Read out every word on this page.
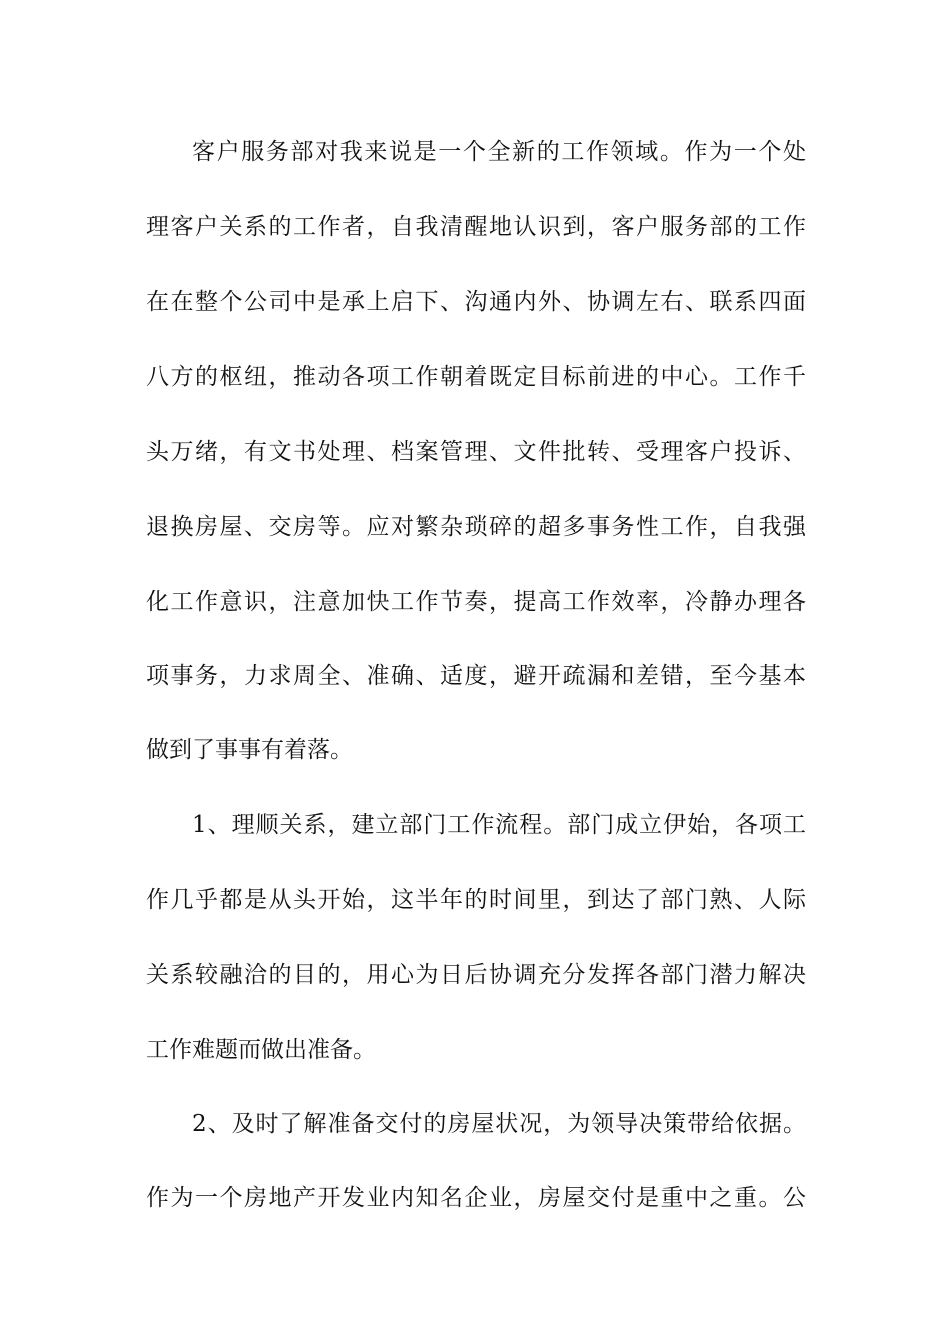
客户服务部对我来说是一个全新的工作领域。作为一个处
理客户关系的工作者，自我清醒地认识到，客户服务部的工作
在在整个公司中是承上启下、沟通内外、协调左右、联系四面
八方的枢纽，推动各项工作朝着既定目标前进的中心。工作千
头万绪，有文书处理、档案管理、文件批转、受理客户投诉、
退换房屋、交房等。应对繁杂琐碎的超多事务性工作，自我强
化工作意识，注意加快工作节奏，提高工作效率，冷静办理各
项事务，力求周全、准确、适度，避开疏漏和差错，至今基本
做到了事事有着落。
1、理顺关系，建立部门工作流程。部门成立伊始，各项工
作几乎都是从头开始，这半年的时间里，到达了部门熟、人际
关系较融洽的目的，用心为日后协调充分发挥各部门潜力解决
工作难题而做出准备。
2、及时了解准备交付的房屋状况，为领导决策带给依据。
作为一个房地产开发业内知名企业，房屋交付是重中之重。公
